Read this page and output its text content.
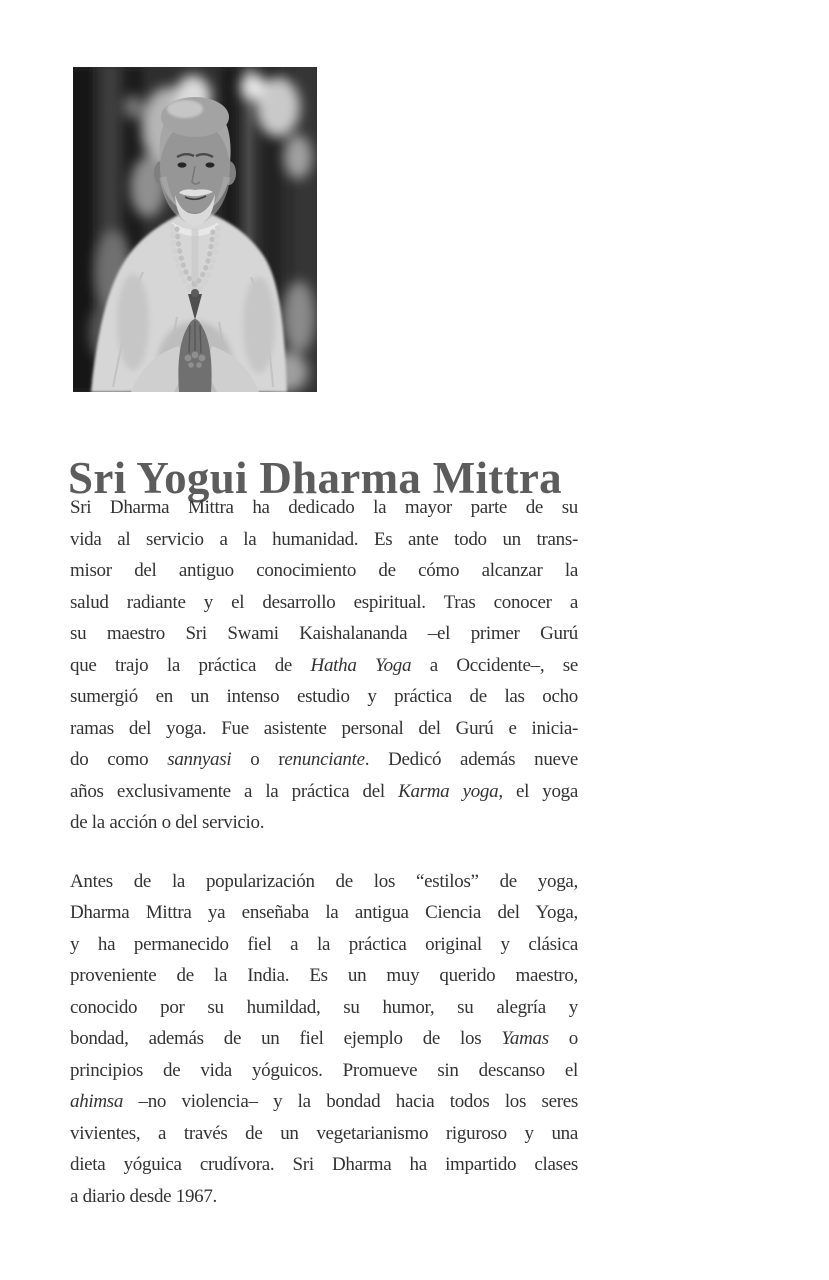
Sri Yogui Dharma Mittra
Sri Dharma Mittra ha dedicado la mayor parte de su
vida al servicio a la humanidad. Es ante todo un trans-
misor del antiguo conocimiento de cómo alcanzar la
salud radiante y el desarrollo espiritual. Tras conocer a
su maestro Sri Swami Kaishalananda –el primer Gurú
que trajo la práctica de Hatha Yoga a Occidente–, se
sumergió en un intenso estudio y práctica de las ocho
ramas del yoga. Fue asistente personal del Gurú e inicia-
do como sannyasi o renunciante. Dedicó además nueve
años exclusivamente a la práctica del Karma yoga, el yoga
de la acción o del servicio.
Antes de la popularización de los “estilos” de yoga,
Dharma Mittra ya enseñaba la antigua Ciencia del Yoga,
y ha permanecido fiel a la práctica original y clásica
proveniente de la India. Es un muy querido maestro,
conocido por su humildad, su humor, su alegría y
bondad, además de un fiel ejemplo de los Yamas o
principios de vida yóguicos. Promueve sin descanso el
ahimsa –no violencia– y la bondad hacia todos los seres
vivientes, a través de un vegetarianismo riguroso y una
dieta yóguica crudívora. Sri Dharma ha impartido clases
a diario desde 1967.
